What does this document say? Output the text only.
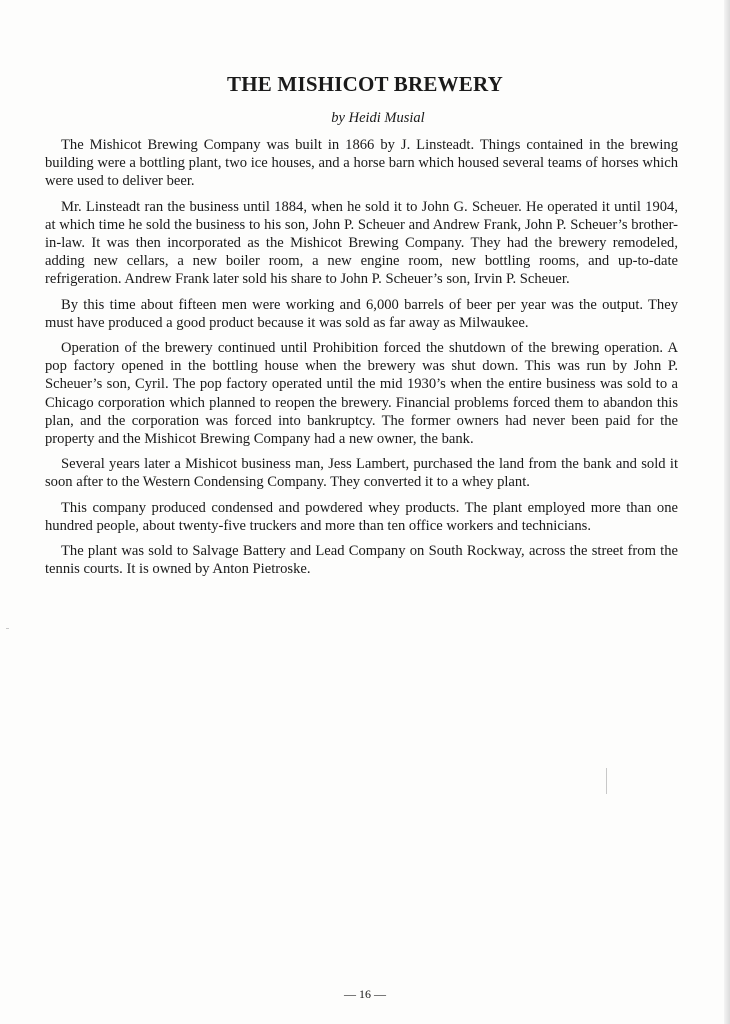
THE MISHICOT BREWERY
by Heidi Musial

The Mishicot Brewing Company was built in 1866 by J. Linsteadt. Things contained in the brewing building were a bottling plant, two ice houses, and a horse barn which housed several teams of horses which were used to deliver beer.

Mr. Linsteadt ran the business until 1884, when he sold it to John G. Scheuer. He operated it until 1904, at which time he sold the business to his son, John P. Scheuer and Andrew Frank, John P. Scheuer’s brother-in-law. It was then incorporated as the Mishicot Brewing Company. They had the brewery remodeled, adding new cellars, a new boiler room, a new engine room, new bottling rooms, and up-to-date refrigeration. Andrew Frank later sold his share to John P. Scheuer’s son, Irvin P. Scheuer.

By this time about fifteen men were working and 6,000 barrels of beer per year was the output. They must have produced a good product because it was sold as far away as Milwaukee.

Operation of the brewery continued until Prohibition forced the shutdown of the brewing operation. A pop factory opened in the bottling house when the brewery was shut down. This was run by John P. Scheuer’s son, Cyril. The pop factory operated until the mid 1930’s when the entire business was sold to a Chicago corporation which planned to reopen the brewery. Financial problems forced them to abandon this plan, and the corporation was forced into bankruptcy. The former owners had never been paid for the property and the Mishicot Brewing Company had a new owner, the bank.

Several years later a Mishicot business man, Jess Lambert, purchased the land from the bank and sold it soon after to the Western Condensing Company. They converted it to a whey plant.

This company produced condensed and powdered whey products. The plant employed more than one hundred people, about twenty-five truckers and more than ten office workers and technicians.

The plant was sold to Salvage Battery and Lead Company on South Rockway, across the street from the tennis courts. It is owned by Anton Pietroske.

— 16 —
